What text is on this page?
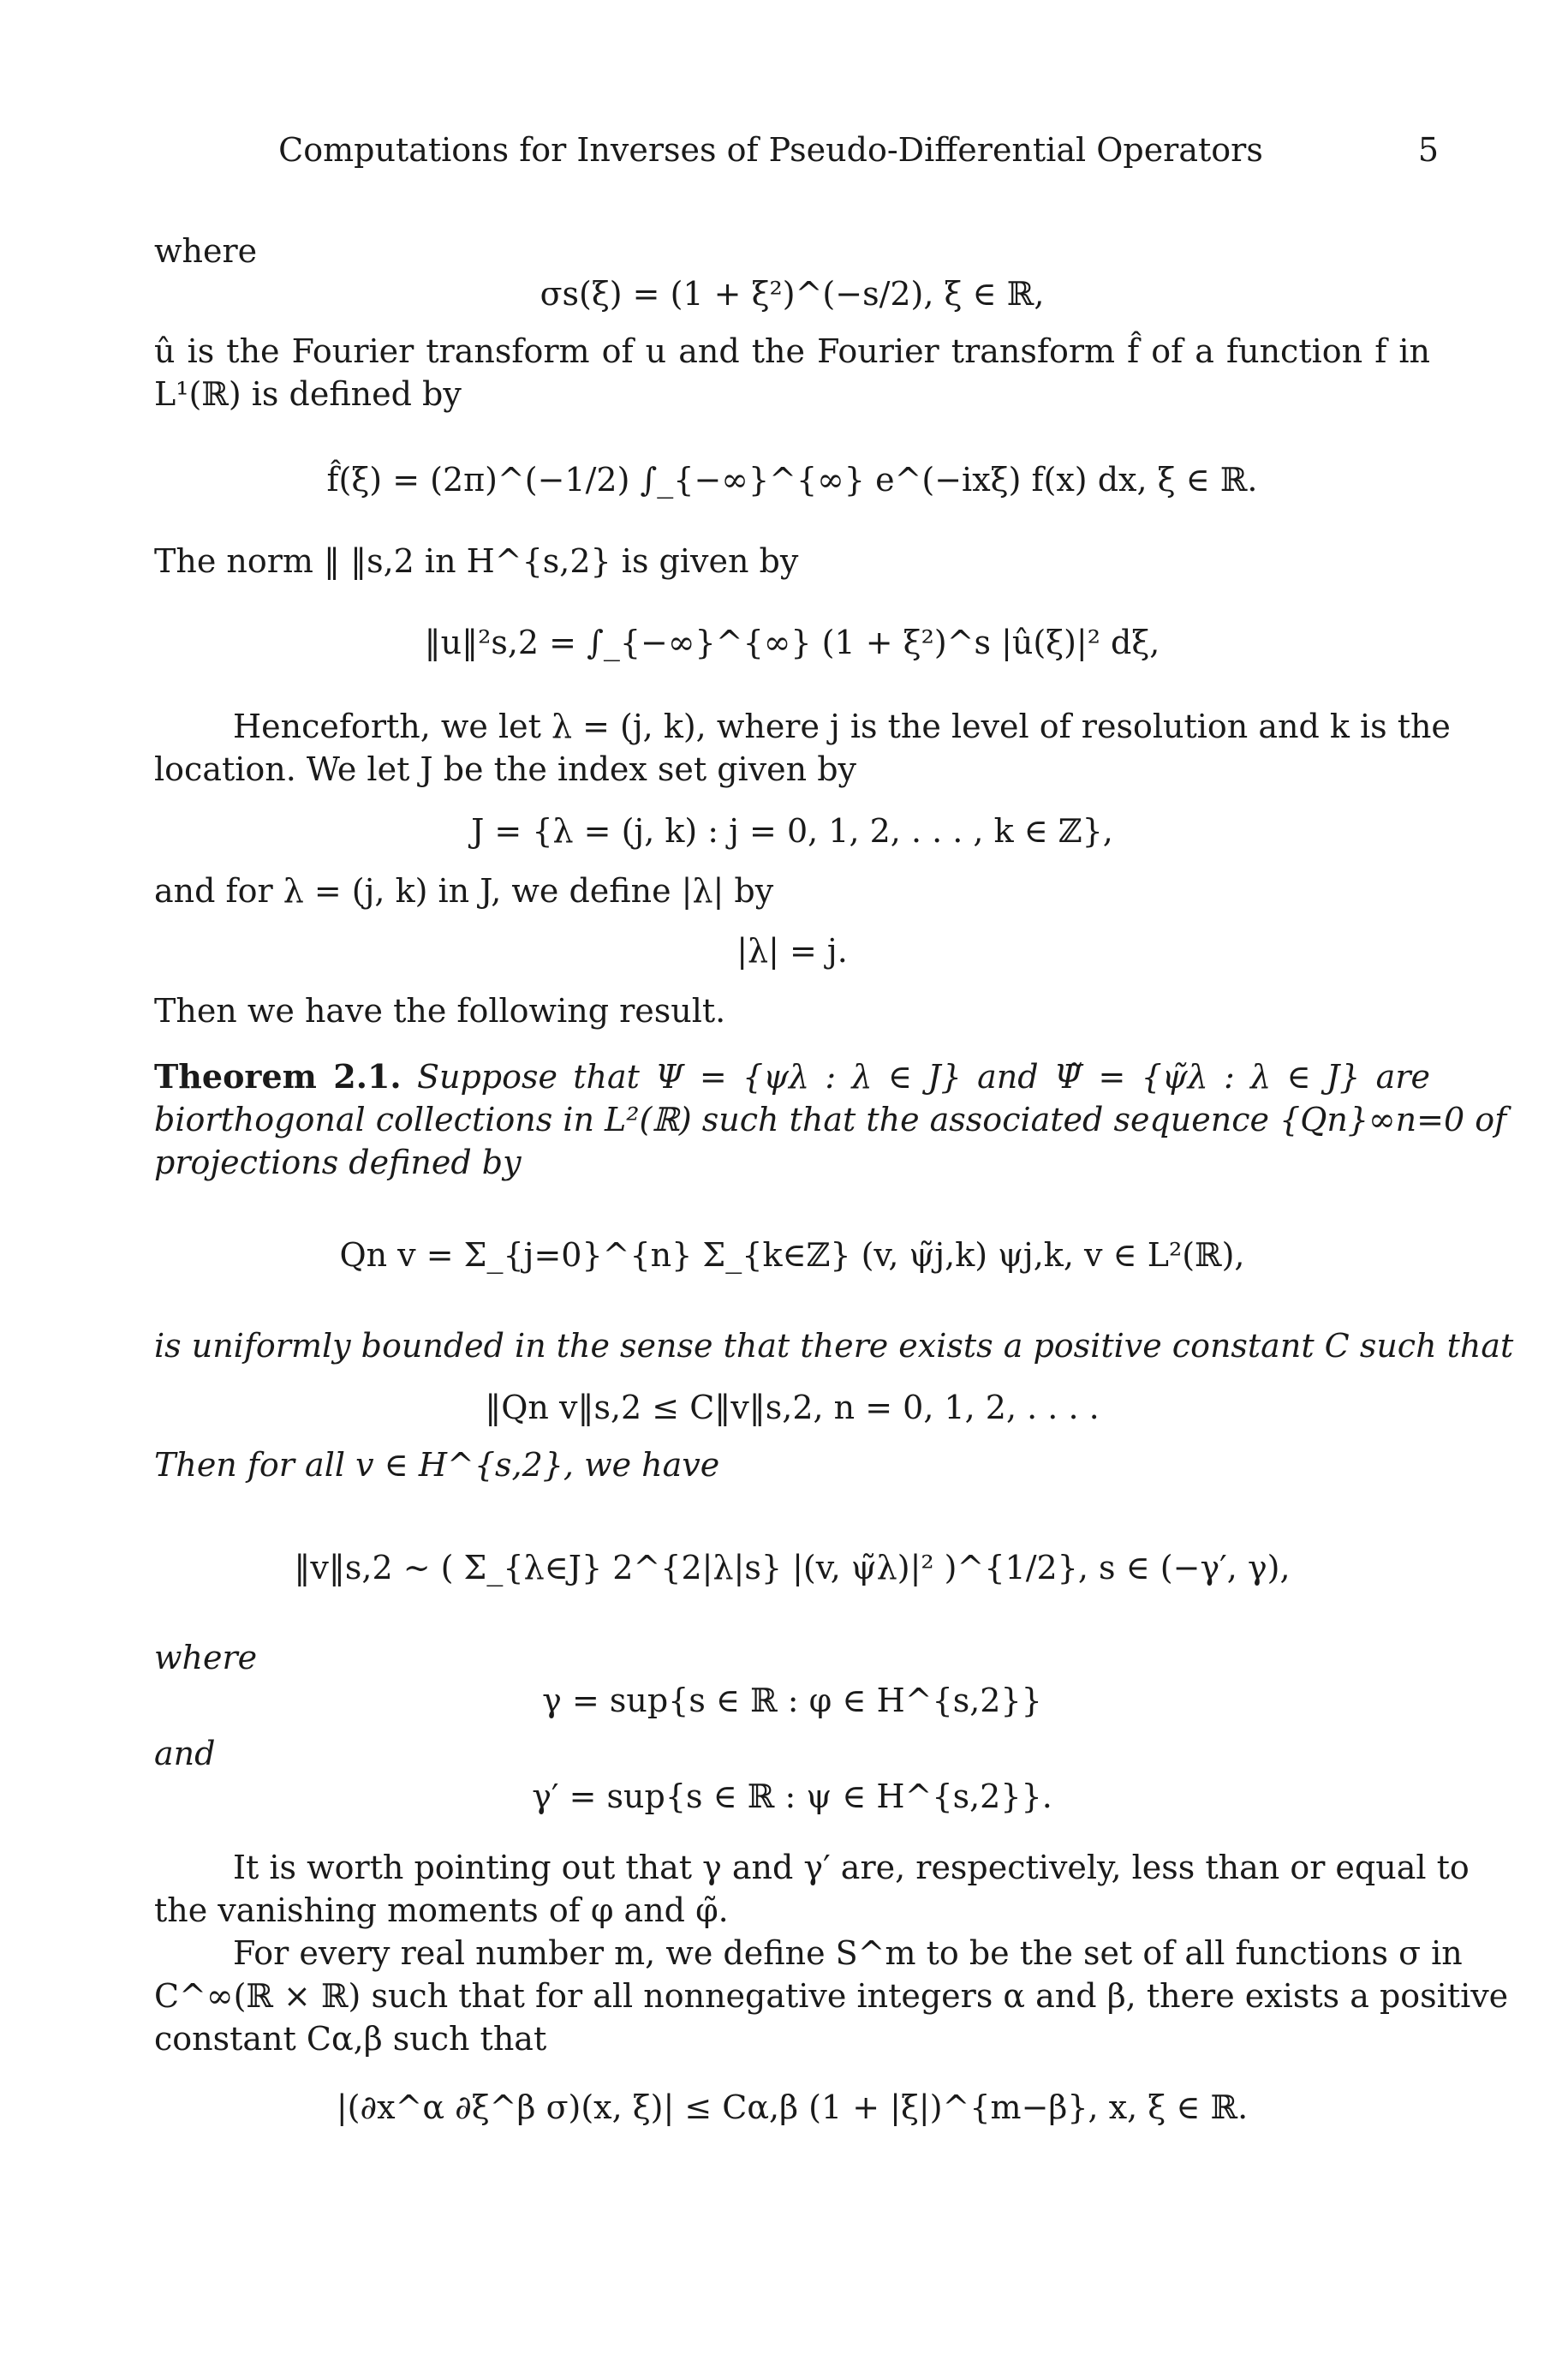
Computations for Inverses of Pseudo-Differential Operators	5
where
σs(ξ) = (1 + ξ²)^(−s/2), ξ ∈ ℝ,
û is the Fourier transform of u and the Fourier transform f̂ of a function f in
L¹(ℝ) is defined by
f̂(ξ) = (2π)^(−1/2) ∫_{−∞}^{∞} e^(−ixξ) f(x) dx, ξ ∈ ℝ.
The norm ‖ ‖s,2 in H^{s,2} is given by
‖u‖²s,2 = ∫_{−∞}^{∞} (1 + ξ²)^s |û(ξ)|² dξ,
Henceforth, we let λ = (j, k), where j is the level of resolution and k is the
location. We let J be the index set given by
J = {λ = (j, k) : j = 0, 1, 2, . . . , k ∈ ℤ},
and for λ = (j, k) in J, we define |λ| by
|λ| = j.
Then we have the following result.
Theorem 2.1. Suppose that Ψ = {ψλ : λ ∈ J} and Ψ̃ = {ψ̃λ : λ ∈ J} are
biorthogonal collections in L²(ℝ) such that the associated sequence {Qn}∞n=0 of
projections defined by
Qn v = Σ_{j=0}^{n} Σ_{k∈ℤ} (v, ψ̃j,k) ψj,k, v ∈ L²(ℝ),
is uniformly bounded in the sense that there exists a positive constant C such that
‖Qn v‖s,2 ≤ C‖v‖s,2, n = 0, 1, 2, . . . .
Then for all v ∈ H^{s,2}, we have
‖v‖s,2 ∼ ( Σ_{λ∈J} 2^{2|λ|s} |(v, ψ̃λ)|² )^{1/2}, s ∈ (−γ′, γ),
where
γ = sup{s ∈ ℝ : φ ∈ H^{s,2}}
and
γ′ = sup{s ∈ ℝ : ψ ∈ H^{s,2}}.
It is worth pointing out that γ and γ′ are, respectively, less than or equal to
the vanishing moments of φ and φ̃.
For every real number m, we define S^m to be the set of all functions σ in
C^∞(ℝ × ℝ) such that for all nonnegative integers α and β, there exists a positive
constant Cα,β such that
|(∂x^α ∂ξ^β σ)(x, ξ)| ≤ Cα,β (1 + |ξ|)^{m−β}, x, ξ ∈ ℝ.
